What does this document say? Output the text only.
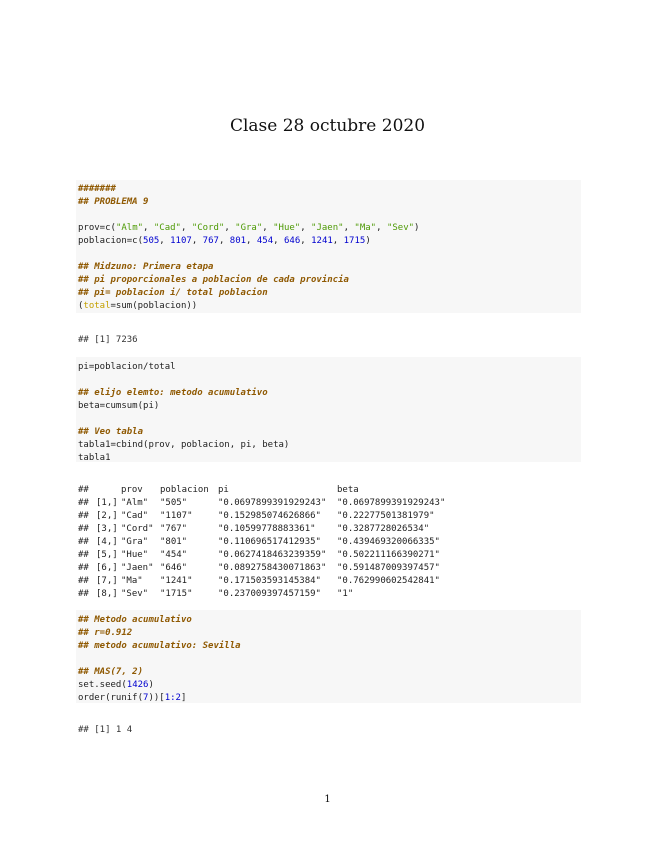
Clase 28 octubre 2020
#######
## PROBLEMA 9
prov=c("Alm", "Cad", "Cord", "Gra", "Hue", "Jaen", "Ma", "Sev")
poblacion=c(505, 1107, 767, 801, 454, 646, 1241, 1715)
## Midzuno: Primera etapa
## pi proporcionales a poblacion de cada provincia
## pi= poblacion i/ total poblacion
(total=sum(poblacion))
## [1] 7236
pi=poblacion/total
## elijo elemto: metodo acumulativo
beta=cumsum(pi)
## Veo tabla
tabla1=cbind(prov, poblacion, pi, beta)
tabla1
##		prov	poblacion	pi	beta
##	[1,]	"Alm"	"505"	"0.0697899391929243"	"0.0697899391929243"
##	[2,]	"Cad"	"1107"	"0.152985074626866"	"0.22277501381979"
##	[3,]	"Cord"	"767"	"0.10599778883361"	"0.3287728026534"
##	[4,]	"Gra"	"801"	"0.110696517412935"	"0.439469320066335"
##	[5,]	"Hue"	"454"	"0.0627418463239359"	"0.502211166390271"
##	[6,]	"Jaen"	"646"	"0.0892758430071863"	"0.591487009397457"
##	[7,]	"Ma"	"1241"	"0.171503593145384"	"0.762990602542841"
##	[8,]	"Sev"	"1715"	"0.237009397457159"	"1"
## Metodo acumulativo
## r=0.912
## metodo acumulativo: Sevilla
## MAS(7, 2)
set.seed(1426)
order(runif(7))[1:2]
## [1] 1 4
1
